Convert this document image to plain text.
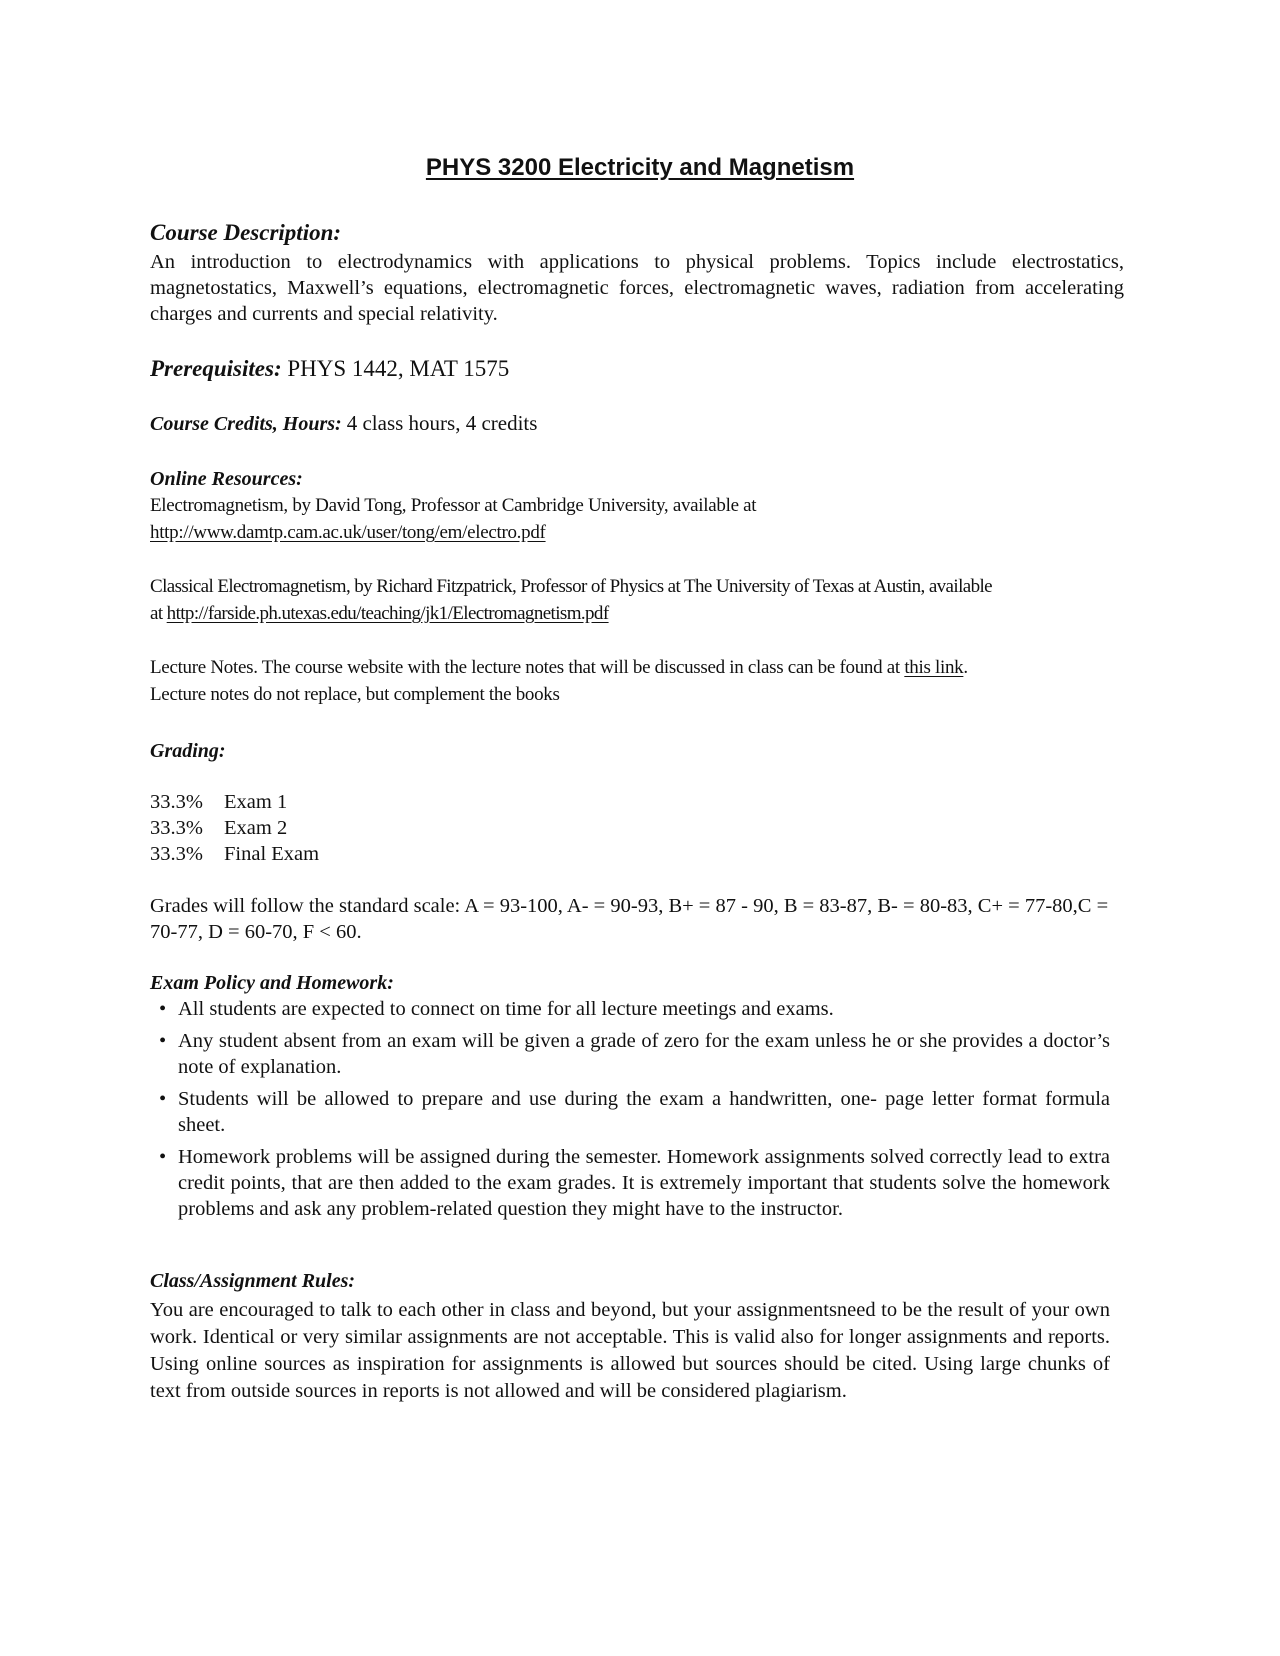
PHYS 3200 Electricity and Magnetism
Course Description:

An introduction to electrodynamics with applications to physical problems. Topics include electrostatics, magnetostatics, Maxwell’s equations, electromagnetic forces, electromagnetic waves, radiation from accelerating charges and currents and special relativity.

Prerequisites: PHYS 1442, MAT 1575
Course Credits, Hours: 4 class hours, 4 credits
Online Resources:
Electromagnetism, by David Tong, Professor at Cambridge University, available at
http://www.damtp.cam.ac.uk/user/tong/em/electro.pdf
Classical Electromagnetism, by Richard Fitzpatrick, Professor of Physics at The University of Texas at Austin, available
at http://farside.ph.utexas.edu/teaching/jk1/Electromagnetism.pdf
Lecture Notes. The course website with the lecture notes that will be discussed in class can be found at this link.
Lecture notes do not replace, but complement the books
Grading:
33.3% Exam 1
33.3% Exam 2
33.3% Final Exam

Grades will follow the standard scale: A = 93-100, A- = 90-93, B+ = 87 - 90, B = 83-87, B- = 80-83, C+ = 77-80,C = 70-77, D = 60-70, F < 60.

Exam Policy and Homework:
• All students are expected to connect on time for all lecture meetings and exams.
• Any student absent from an exam will be given a grade of zero for the exam unless he or she provides a doctor’s note of explanation.
• Students will be allowed to prepare and use during the exam a handwritten, one- page letter format formula sheet.
• Homework problems will be assigned during the semester. Homework assignments solved correctly lead to extra credit points, that are then added to the exam grades. It is extremely important that students solve the homework problems and ask any problem-related question they might have to the instructor.
Class/Assignment Rules:

You are encouraged to talk to each other in class and beyond, but your assignmentsneed to be the result of your own work. Identical or very similar assignments are not acceptable. This is valid also for longer assignments and reports. Using online sources as inspiration for assignments is allowed but sources should be cited. Using large chunks of text from outside sources in reports is not allowed and will be considered plagiarism.
